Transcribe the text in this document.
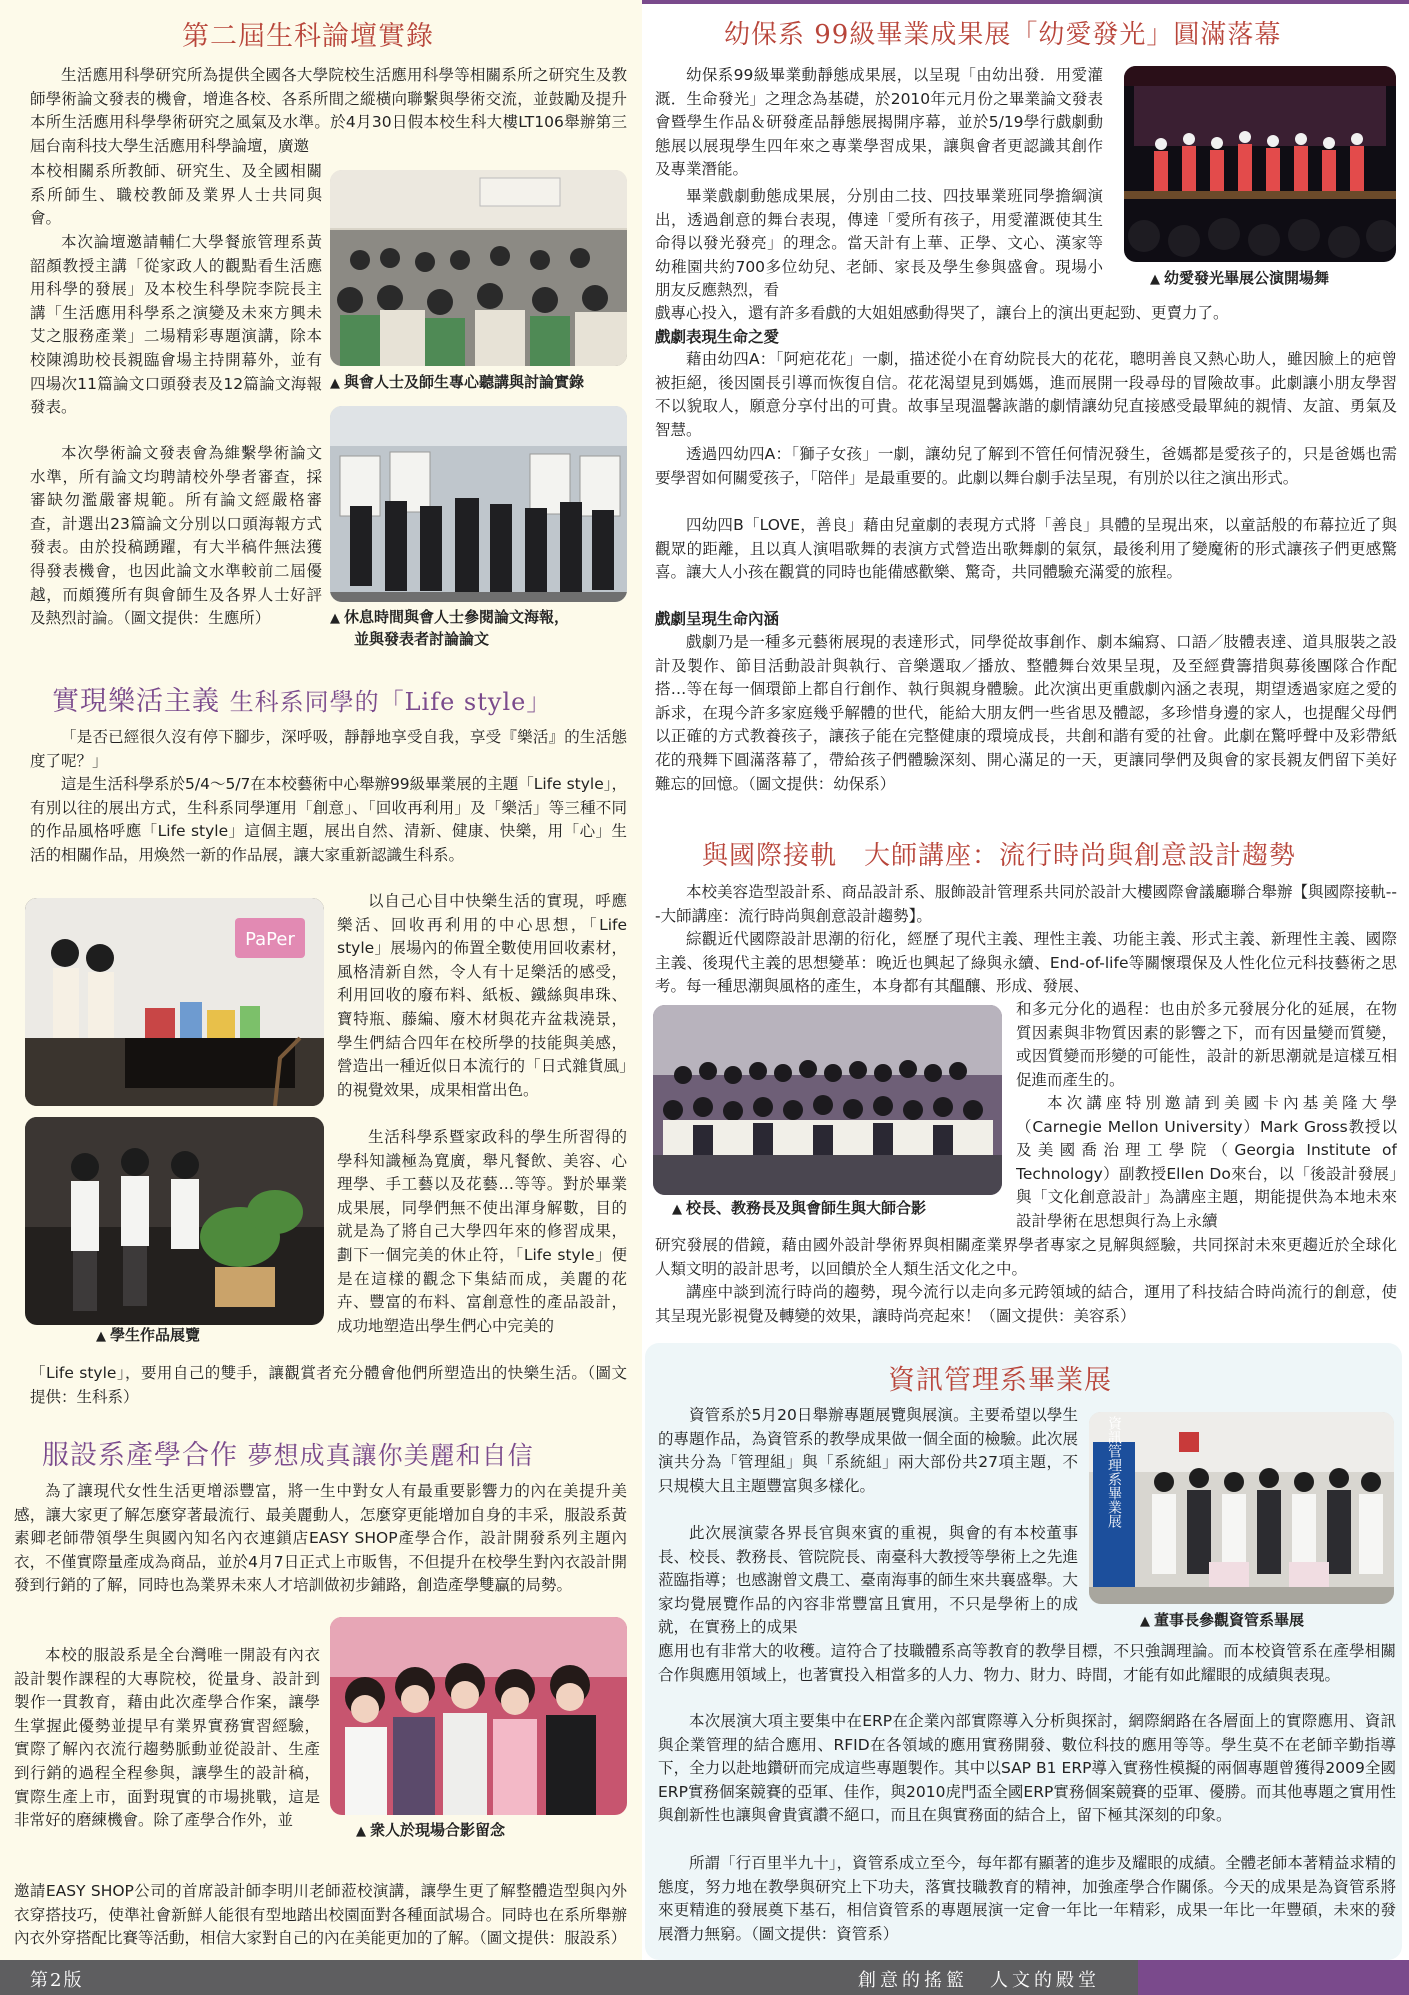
第二屆生科論壇實錄
生活應用科學研究所為提供全國各大學院校生活應用科學等相關系所之研究生及教師學術論文發表的機會，增進各校、各系所間之縱橫向聯繫與學術交流，並鼓勵及提升本所生活應用科學學術研究之風氣及水準。於4月30日假本校生科大樓LT106舉辦第三屆台南科技大學生活應用科學論壇，廣邀
本校相關系所教師、研究生、及全國相關系所師生、職校教師及業界人士共同與會。
本次論壇邀請輔仁大學餐旅管理系黃韶顏教授主講「從家政人的觀點看生活應用科學的發展」及本校生科學院李院長主講「生活應用科學系之演變及未來方興未艾之服務產業」二場精彩專題演講，除本校陳鴻助校長親臨會場主持開幕外，並有四場次11篇論文口頭發表及12篇論文海報發表。
本次學術論文發表會為維繫學術論文水準，所有論文均聘請校外學者審查，採審缺勿濫嚴審規範。所有論文經嚴格審查，計選出23篇論文分別以口頭海報方式發表。由於投稿踴躍，有大半稿件無法獲得發表機會，也因此論文水準較前二屆優越，而頗獲所有與會師生及各界人士好評及熱烈討論。（圖文提供：生應所）
▲ 與會人士及師生專心聽講與討論實錄
▲ 休息時間與會人士參閱論文海報，
並與發表者討論論文
實現樂活主義 生科系同學的「Life style」
「是否已經很久沒有停下腳步，深呼吸，靜靜地享受自我，享受『樂活』的生活態度了呢？」
這是生活科學系於5/4～5/7在本校藝術中心舉辦99級畢業展的主題「Life style」，有別以往的展出方式，生科系同學運用「創意」、「回收再利用」及「樂活」等三種不同的作品風格呼應「Life style」這個主題，展出自然、清新、健康、快樂，用「心」生活的相關作品，用煥然一新的作品展，讓大家重新認識生科系。
以自己心目中快樂生活的實現，呼應樂活、回收再利用的中心思想，「Life style」展場內的佈置全數使用回收素材，風格清新自然，令人有十足樂活的感受，利用回收的廢布料、紙板、鐵絲與串珠、寶特瓶、藤編、廢木材與花卉盆栽澆景，學生們結合四年在校所學的技能與美感，營造出一種近似日本流行的「日式雜貨風」的視覺效果，成果相當出色。
生活科學系暨家政科的學生所習得的學科知識極為寬廣，舉凡餐飲、美容、心理學、手工藝以及花藝…等等。對於畢業成果展，同學們無不使出渾身解數，目的就是為了將自己大學四年來的修習成果，劃下一個完美的休止符，「Life style」便是在這樣的觀念下集結而成，美麗的花卉、豐富的布料、富創意性的產品設計，成功地塑造出學生們心中完美的
「Life style」，要用自己的雙手，讓觀賞者充分體會他們所塑造出的快樂生活。（圖文提供：生科系）
PaPer
▲ 學生作品展覽
服設系產學合作 夢想成真讓你美麗和自信
為了讓現代女性生活更增添豐富，將一生中對女人有最重要影響力的內在美提升美感，讓大家更了解怎麼穿著最流行、最美麗動人，怎麼穿更能增加自身的丰采，服設系黃素卿老師帶領學生與國內知名內衣連鎖店EASY SHOP產學合作，設計開發系列主題內衣，不僅實際量產成為商品，並於4月7日正式上市販售，不但提升在校學生對內衣設計開發到行銷的了解，同時也為業界未來人才培訓做初步鋪路，創造產學雙贏的局勢。
本校的服設系是全台灣唯一開設有內衣設計製作課程的大專院校，從量身、設計到製作一貫教育，藉由此次產學合作案，讓學生掌握此優勢並提早有業界實務實習經驗，實際了解內衣流行趨勢脈動並從設計、生產到行銷的過程全程參與，讓學生的設計稿，實際生產上市，面對現實的市場挑戰，這是非常好的磨練機會。除了產學合作外，並
邀請EASY SHOP公司的首席設計師李明川老師蒞校演講，讓學生更了解整體造型與內外衣穿搭技巧，使準社會新鮮人能很有型地踏出校園面對各種面試場合。同時也在系所舉辦內衣外穿搭配比賽等活動，相信大家對自己的內在美能更加的了解。（圖文提供：服設系）
▲ 衆人於現場合影留念
幼保系 99級畢業成果展「幼愛發光」圓滿落幕
幼保系99級畢業動靜態成果展，以呈現「由幼出發．用愛灌溉．生命發光」之理念為基礎，於2010年元月份之畢業論文發表會暨學生作品＆研發產品靜態展揭開序幕，並於5/19學行戲劇動態展以展現學生四年來之專業學習成果，讓與會者更認識其創作及專業潛能。
畢業戲劇動態成果展，分別由二技、四技畢業班同學擔綱演出，透過創意的舞台表現，傳達「愛所有孩子，用愛灌溉使其生命得以發光發亮」的理念。當天計有上華、正學、文心、漢家等幼稚園共約700多位幼兒、老師、家長及學生參與盛會。現場小朋友反應熱烈，看
戲專心投入，還有許多看戲的大姐姐感動得哭了，讓台上的演出更起勁、更賣力了。
戲劇表現生命之愛
藉由幼四A：「阿疤花花」一劇，描述從小在育幼院長大的花花，聰明善良又熱心助人，雖因臉上的疤曾被拒絕，後因園長引導而恢復自信。花花渴望見到媽媽，進而展開一段尋母的冒險故事。此劇讓小朋友學習不以貌取人，願意分享付出的可貴。故事呈現溫馨詼諧的劇情讓幼兒直接感受最單純的親情、友誼、勇氣及智慧。
透過四幼四A：「獅子女孩」一劇，讓幼兒了解到不管任何情況發生，爸媽都是愛孩子的，只是爸媽也需要學習如何關愛孩子，「陪伴」是最重要的。此劇以舞台劇手法呈現，有別於以往之演出形式。
四幼四B「LOVE，善良」藉由兒童劇的表現方式將「善良」具體的呈現出來，以童話般的布幕拉近了與觀眾的距離，且以真人演唱歌舞的表演方式營造出歌舞劇的氣氛，最後利用了變魔術的形式讓孩子們更感驚喜。讓大人小孩在觀賞的同時也能備感歡樂、驚奇，共同體驗充滿愛的旅程。
戲劇呈現生命內涵
戲劇乃是一種多元藝術展現的表達形式，同學從故事創作、劇本編寫、口語／肢體表達、道具服裝之設計及製作、節目活動設計與執行、音樂選取／播放、整體舞台效果呈現，及至經費籌措與募後團隊合作配搭…等在每一個環節上都自行創作、執行與親身體驗。此次演出更重戲劇內涵之表現，期望透過家庭之愛的訴求，在現今許多家庭幾乎解體的世代，能給大朋友們一些省思及體認，多珍惜身邊的家人，也提醒父母們以正確的方式教養孩子，讓孩子能在完整健康的環境成長，共創和諧有愛的社會。此劇在驚呼聲中及彩帶紙花的飛舞下圓滿落幕了，帶給孩子們體驗深刻、開心滿足的一天，更讓同學們及與會的家長親友們留下美好難忘的回憶。（圖文提供：幼保系）
▲ 幼愛發光畢展公演開場舞
與國際接軌　大師講座：流行時尚與創意設計趨勢
本校美容造型設計系、商品設計系、服飾設計管理系共同於設計大樓國際會議廳聯合舉辦【與國際接軌---大師講座：流行時尚與創意設計趨勢】。
綜觀近代國際設計思潮的衍化，經歷了現代主義、理性主義、功能主義、形式主義、新理性主義、國際主義、後現代主義的思想變革：晚近也興起了綠與永續、End-of-life等關懷環保及人性化位元科技藝術之思考。每一種思潮與風格的產生，本身都有其醞釀、形成、發展、
和多元分化的過程：也由於多元發展分化的延展，在物質因素與非物質因素的影響之下，而有因量變而質變，或因質變而形變的可能性，設計的新思潮就是這樣互相促進而產生的。
本次講座特別邀請到美國卡內基美隆大學（Carnegie Mellon University）Mark Gross教授以及美國喬治理工學院（Georgia Institute of Technology）副教授Ellen Do來台，以「後設計發展」與「文化創意設計」為講座主題，期能提供為本地未來設計學術在思想與行為上永續
研究發展的借鏡，藉由國外設計學術界與相關產業界學者專家之見解與經驗，共同探討未來更趨近於全球化人類文明的設計思考，以回饋於全人類生活文化之中。
講座中談到流行時尚的趨勢，現今流行以走向多元跨領域的結合，運用了科技結合時尚流行的創意，使其呈現光影視覺及轉變的效果，讓時尚亮起來！（圖文提供：美容系）
▲ 校長、教務長及與會師生與大師合影
資訊管理系畢業展
資管系於5月20日舉辦專題展覽與展演。主要希望以學生的專題作品，為資管系的教學成果做一個全面的檢驗。此次展演共分為「管理組」與「系統組」兩大部份共27項主題，不只規模大且主題豐富與多樣化。
此次展演蒙各界長官與來賓的重視，與會的有本校董事長、校長、教務長、管院院長、南臺科大教授等學術上之先進蒞臨指導；也感謝曾文農工、臺南海事的師生來共襄盛舉。大家均覺展覽作品的內容非常豐富且實用，不只是學術上的成就，在實務上的成果
應用也有非常大的收穫。這符合了技職體系高等教育的教學目標，不只強調理論。而本校資管系在產學相關合作與應用領域上，也著實投入相當多的人力、物力、財力、時間，才能有如此耀眼的成績與表現。
本次展演大項主要集中在ERP在企業內部實際導入分析與探討，網際網路在各層面上的實際應用、資訊與企業管理的結合應用、RFID在各領域的應用實務開發、數位科技的應用等等。學生莫不在老師辛勤指導下，全力以赴地鑽研而完成這些專題製作。其中以SAP B1 ERP導入實務性模擬的兩個專題曾獲得2009全國ERP實務個案競賽的亞軍、佳作，與2010虎門盃全國ERP實務個案競賽的亞軍、優勝。而其他專題之實用性與創新性也讓與會貴賓讚不絕口，而且在與實務面的結合上，留下極其深刻的印象。
所謂「行百里半九十」，資管系成立至今，每年都有顯著的進步及耀眼的成績。全體老師本著精益求精的態度，努力地在教學與研究上下功夫，落實技職教育的精神，加強產學合作關係。今天的成果是為資管系將來更精進的發展奠下基石，相信資管系的專題展演一定會一年比一年精彩，成果一年比一年豐碩，未來的發展潛力無窮。（圖文提供：資管系）
資訊管理系畢業展
▲ 董事長參觀資管系畢展
第2版	創意的搖籃　人文的殿堂
